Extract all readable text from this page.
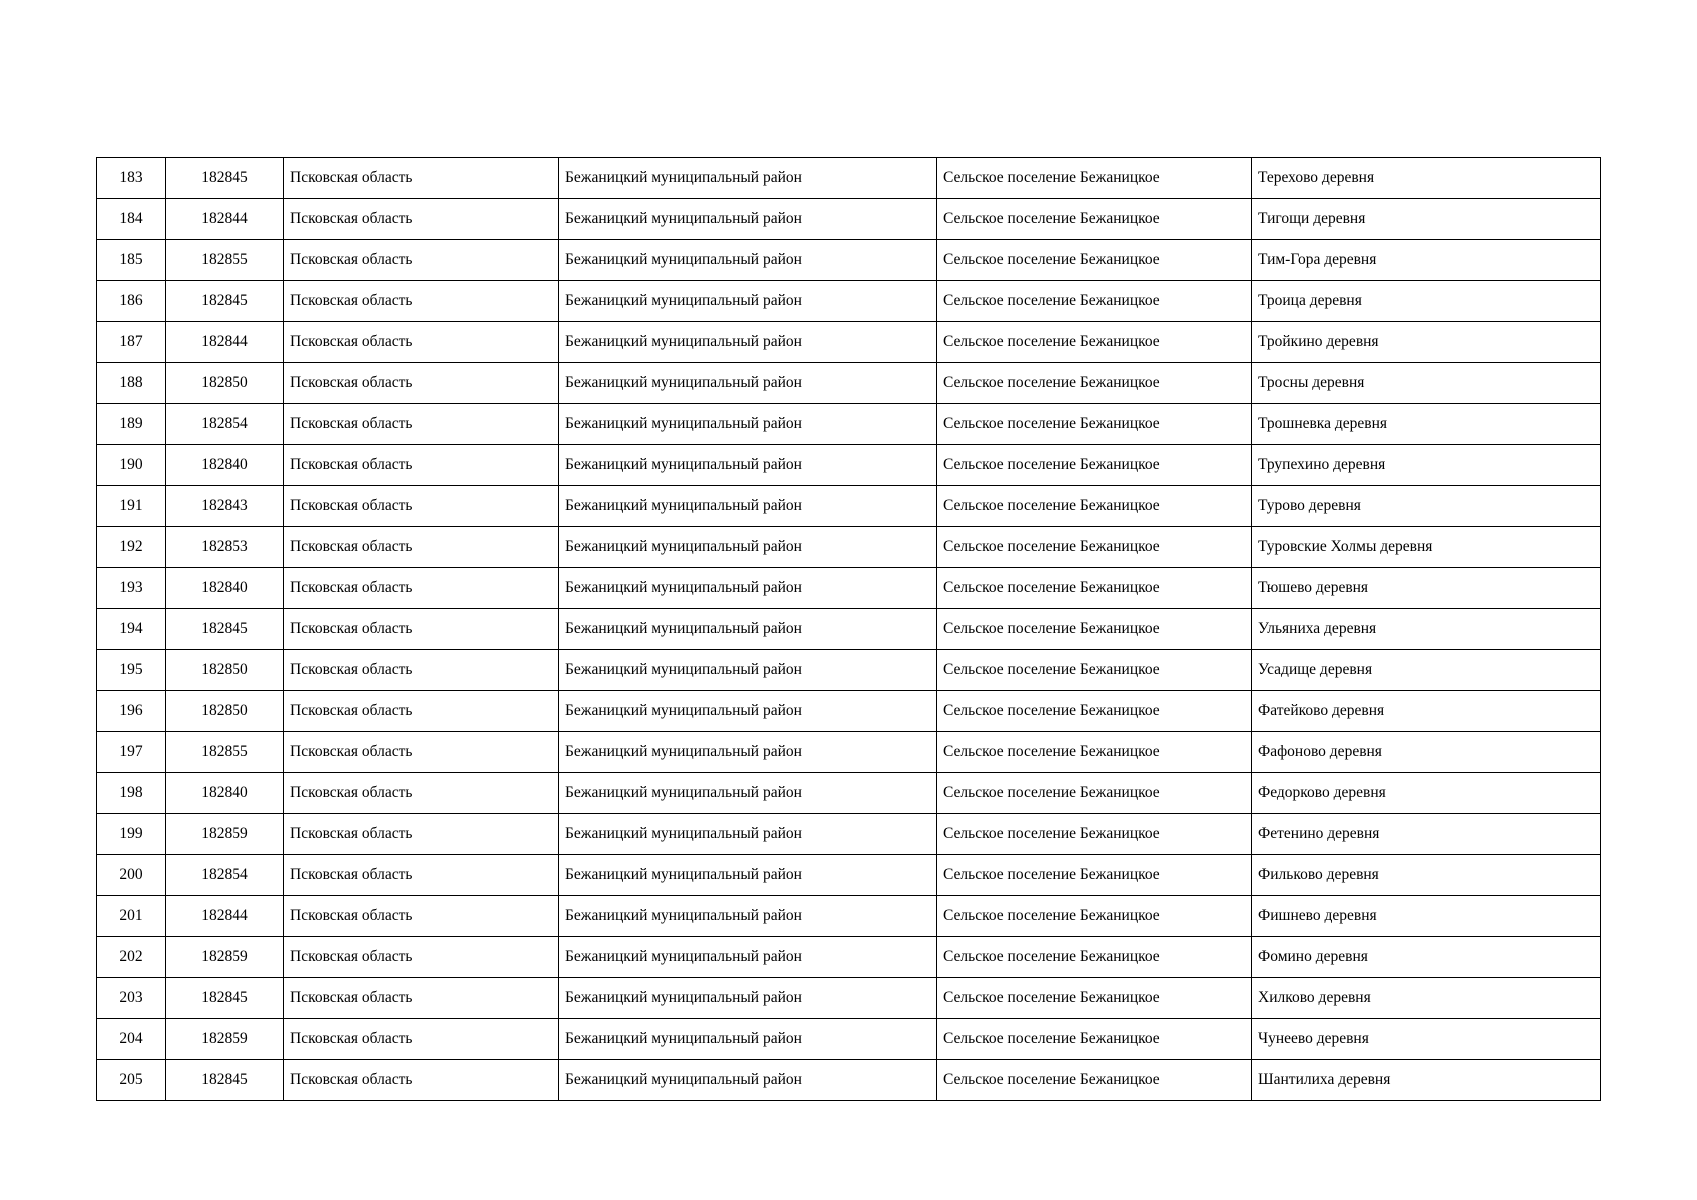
183	182845	Псковская область	Бежаницкий муниципальный район	Сельское поселение Бежаницкое	Терехово деревня
184	182844	Псковская область	Бежаницкий муниципальный район	Сельское поселение Бежаницкое	Тигощи деревня
185	182855	Псковская область	Бежаницкий муниципальный район	Сельское поселение Бежаницкое	Тим-Гора деревня
186	182845	Псковская область	Бежаницкий муниципальный район	Сельское поселение Бежаницкое	Троица деревня
187	182844	Псковская область	Бежаницкий муниципальный район	Сельское поселение Бежаницкое	Тройкино деревня
188	182850	Псковская область	Бежаницкий муниципальный район	Сельское поселение Бежаницкое	Тросны деревня
189	182854	Псковская область	Бежаницкий муниципальный район	Сельское поселение Бежаницкое	Трошневка деревня
190	182840	Псковская область	Бежаницкий муниципальный район	Сельское поселение Бежаницкое	Трупехино деревня
191	182843	Псковская область	Бежаницкий муниципальный район	Сельское поселение Бежаницкое	Турово деревня
192	182853	Псковская область	Бежаницкий муниципальный район	Сельское поселение Бежаницкое	Туровские Холмы деревня
193	182840	Псковская область	Бежаницкий муниципальный район	Сельское поселение Бежаницкое	Тюшево деревня
194	182845	Псковская область	Бежаницкий муниципальный район	Сельское поселение Бежаницкое	Ульяниха деревня
195	182850	Псковская область	Бежаницкий муниципальный район	Сельское поселение Бежаницкое	Усадище деревня
196	182850	Псковская область	Бежаницкий муниципальный район	Сельское поселение Бежаницкое	Фатейково деревня
197	182855	Псковская область	Бежаницкий муниципальный район	Сельское поселение Бежаницкое	Фафоново деревня
198	182840	Псковская область	Бежаницкий муниципальный район	Сельское поселение Бежаницкое	Федорково деревня
199	182859	Псковская область	Бежаницкий муниципальный район	Сельское поселение Бежаницкое	Фетенино деревня
200	182854	Псковская область	Бежаницкий муниципальный район	Сельское поселение Бежаницкое	Фильково деревня
201	182844	Псковская область	Бежаницкий муниципальный район	Сельское поселение Бежаницкое	Фишнево деревня
202	182859	Псковская область	Бежаницкий муниципальный район	Сельское поселение Бежаницкое	Фомино деревня
203	182845	Псковская область	Бежаницкий муниципальный район	Сельское поселение Бежаницкое	Хилково деревня
204	182859	Псковская область	Бежаницкий муниципальный район	Сельское поселение Бежаницкое	Чунеево деревня
205	182845	Псковская область	Бежаницкий муниципальный район	Сельское поселение Бежаницкое	Шантилиха деревня
